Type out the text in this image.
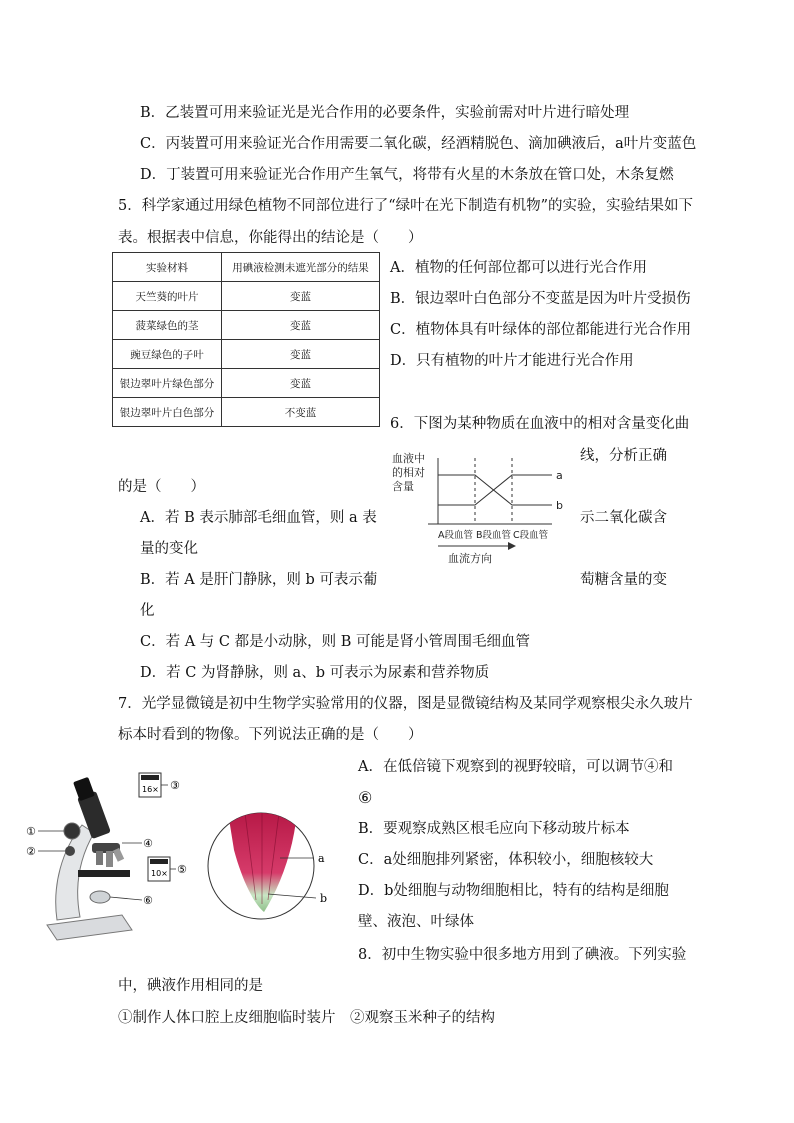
B．乙装置可用来验证光是光合作用的必要条件，实验前需对叶片进行暗处理
C．丙装置可用来验证光合作用需要二氧化碳，经酒精脱色、滴加碘液后，a叶片变蓝色
D．丁装置可用来验证光合作用产生氧气，将带有火星的木条放在管口处，木条复燃
5．科学家通过用绿色植物不同部位进行了“绿叶在光下制造有机物”的实验，实验结果如下
表。根据表中信息，你能得出的结论是（　　）
实验材料	用碘液检测未遮光部分的结果
天竺葵的叶片	变蓝
菠菜绿色的茎	变蓝
豌豆绿色的子叶	变蓝
银边翠叶片绿色部分	变蓝
银边翠叶片白色部分	不变蓝
A．植物的任何部位都可以进行光合作用
B．银边翠叶白色部分不变蓝是因为叶片受损伤
C．植物体具有叶绿体的部位都能进行光合作用
D．只有植物的叶片才能进行光合作用
6．下图为某种物质在血液中的相对含量变化曲
线，分析正确
的是（　　）
A．若 B 表示肺部毛细血管，则 a 表	示二氧化碳含
量的变化
B．若 A 是肝门静脉，则 b 可表示葡	萄糖含量的变
化
C．若 A 与 C 都是小动脉，则 B 可能是肾小管周围毛细血管
D．若 C 为肾静脉，则 a、b 可表示为尿素和营养物质
血液中
的相对
含量
a
b
A段血管 B段血管 C段血管
血流方向
7．光学显微镜是初中生物学实验常用的仪器，图是显微镜结构及某同学观察根尖永久玻片
标本时看到的物像。下列说法正确的是（　　）
A．在低倍镜下观察到的视野较暗，可以调节④和
⑥
B．要观察成熟区根毛应向下移动玻片标本
C．a处细胞排列紧密，体积较小，细胞核较大
D．b处细胞与动物细胞相比，特有的结构是细胞
壁、液泡、叶绿体
16×
10×
①
②
③
④
⑤
⑥
a
b
8．初中生物实验中很多地方用到了碘液。下列实验
中，碘液作用相同的是
①制作人体口腔上皮细胞临时装片　②观察玉米种子的结构
